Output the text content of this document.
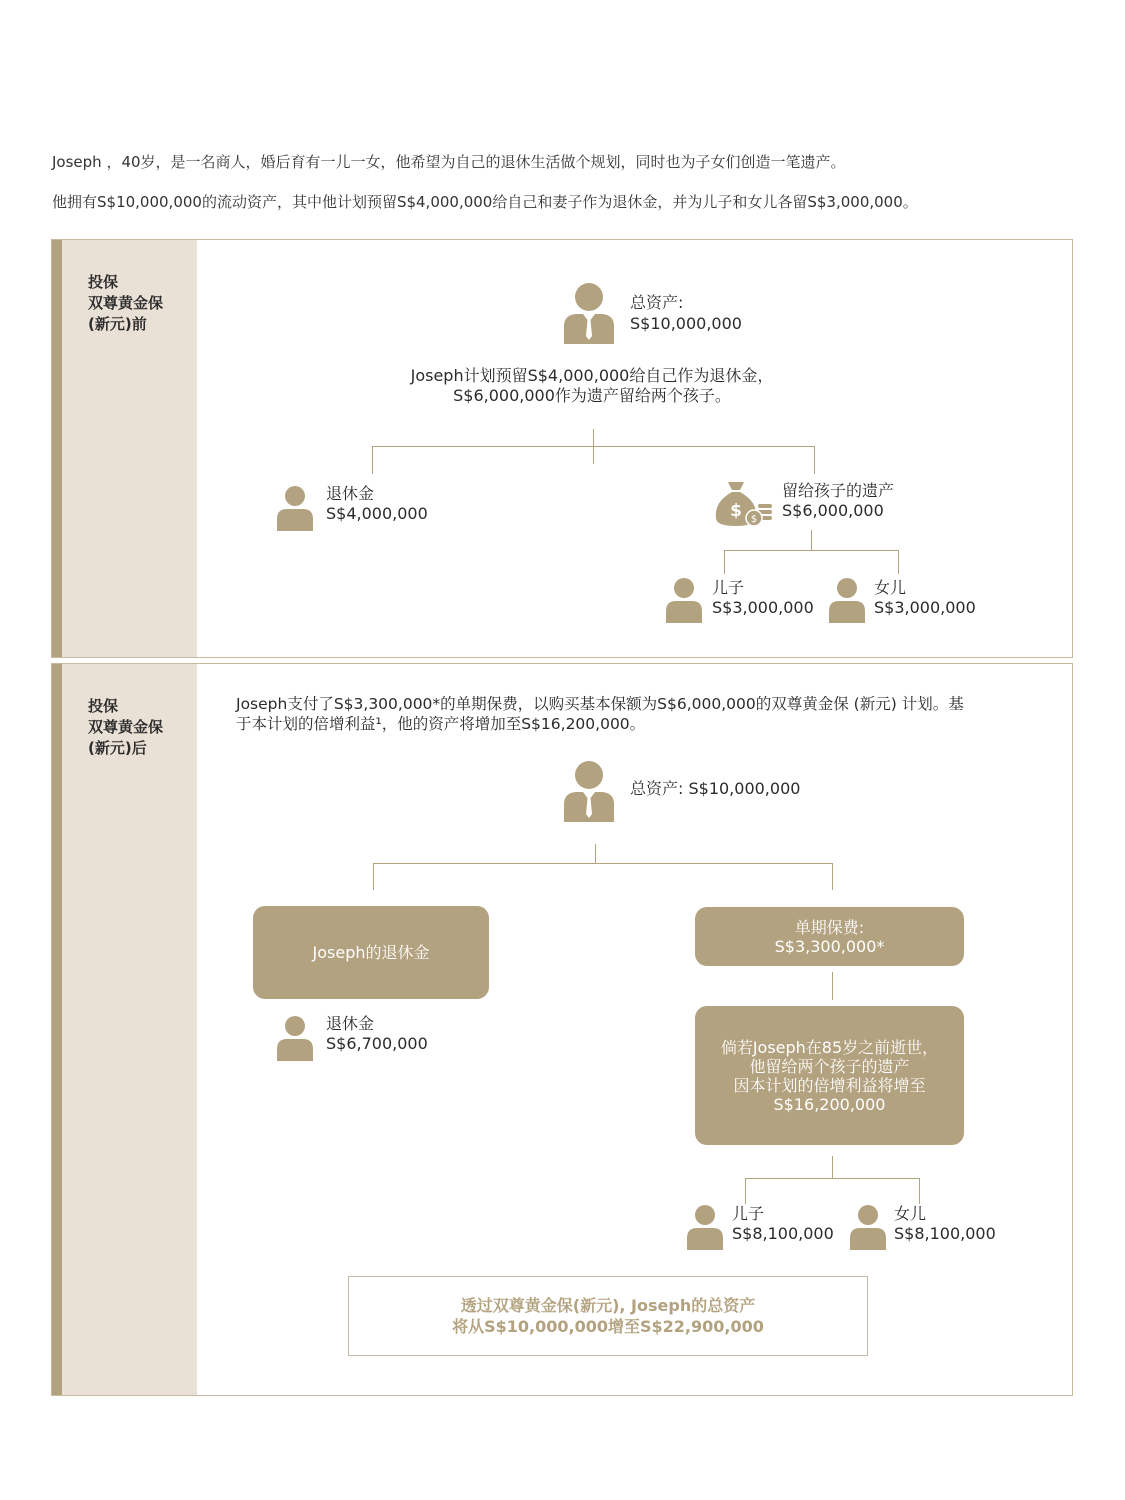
Joseph ，40岁，是一名商人，婚后育有一儿一女，他希望为自己的退休生活做个规划，同时也为子女们创造一笔遗产。
他拥有S$10,000,000的流动资产，其中他计划预留S$4,000,000给自己和妻子作为退休金，并为儿子和女儿各留S$3,000,000。
投保
双尊黄金保
(新元)前
总资产:
S$10,000,000
Joseph计划预留S$4,000,000给自己作为退休金，
S$6,000,000作为遗产留给两个孩子。
退休金
S$4,000,000	$ $
留给孩子的遗产
S$6,000,000
儿子
S$3,000,000
女儿
S$3,000,000
投保
双尊黄金保
(新元)后
Joseph支付了S$3,300,000*的单期保费，以购买基本保额为S$6,000,000的双尊黄金保 (新元) 计划。基
于本计划的倍增利益¹，他的资产将增加至S$16,200,000。
总资产: S$10,000,000
Joseph的退休金
单期保费:
S$3,300,000*
退休金
S$6,700,000	倘若Joseph在85岁之前逝世，
他留给两个孩子的遗产
因本计划的倍增利益将增至
S$16,200,000
儿子
S$8,100,000
女儿
S$8,100,000
透过双尊黄金保(新元), Joseph的总资产
将从S$10,000,000增至S$22,900,000
